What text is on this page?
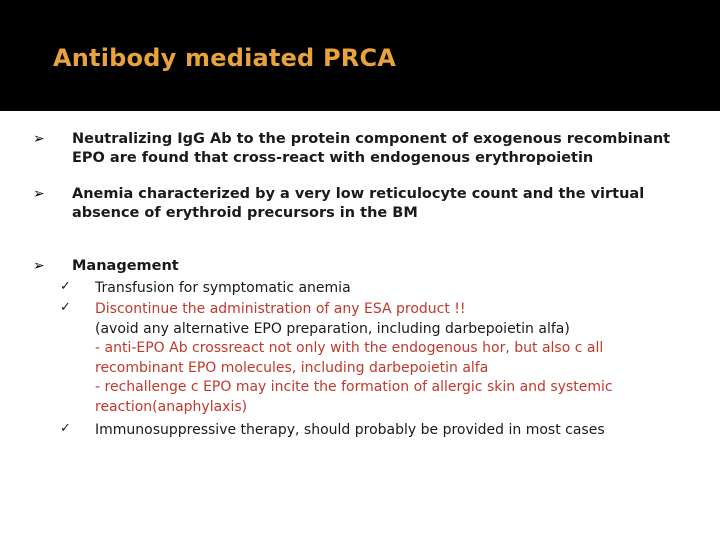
Antibody mediated PRCA
➢ Neutralizing IgG Ab to the protein component of exogenous recombinant EPO are found that cross-react with endogenous erythropoietin
➢ Anemia characterized by a very low reticulocyte count and the virtual absence of erythroid precursors in the BM
➢ Management
✓ Transfusion for symptomatic anemia
✓ Discontinue the administration of any ESA product !!
(avoid any alternative EPO preparation, including darbepoietin alfa)
- anti-EPO Ab crossreact not only with the endogenous hor, but also c all recombinant EPO molecules, including darbepoietin alfa
- rechallenge c EPO may incite the formation of allergic skin and systemic reaction(anaphylaxis)
✓ Immunosuppressive therapy, should probably be provided in most cases
